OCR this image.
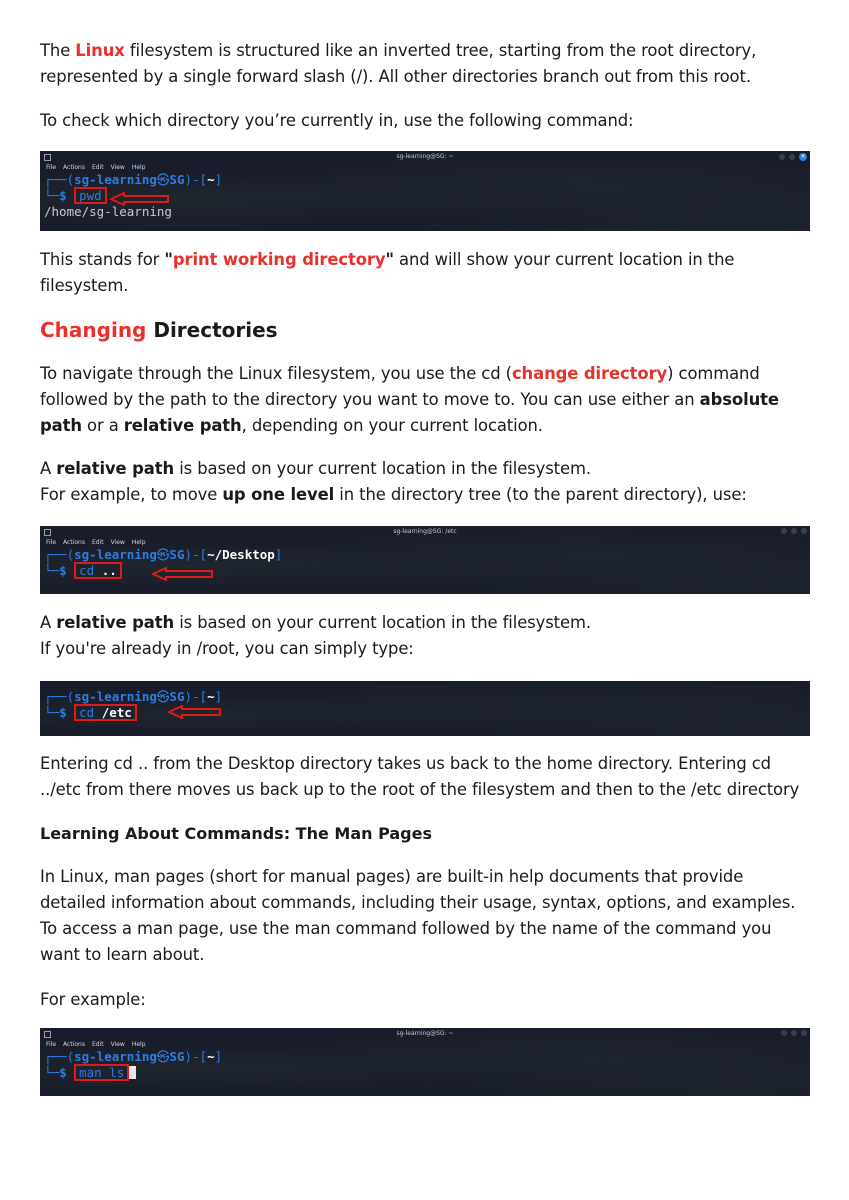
The Linux filesystem is structured like an inverted tree, starting from the root directory, represented by a single forward slash (/). All other directories branch out from this root.

To check which directory you’re currently in, use the following command:

sg-learning@SG: ~	✕
File Actions Edit View Help
┌──(sg-learning㉿SG)-[~]
└─$ pwd
/home/sg-learning

This stands for "print working directory" and will show your current location in the filesystem.

Changing Directories

To navigate through the Linux filesystem, you use the cd (change directory) command followed by the path to the directory you want to move to. You can use either an absolute path or a relative path, depending on your current location.

A relative path is based on your current location in the filesystem.
For example, to move up one level in the directory tree (to the parent directory), use:

sg-learning@SG: /etc
File Actions Edit View Help
┌──(sg-learning㉿SG)-[~/Desktop]
└─$ cd ..

A relative path is based on your current location in the filesystem.
If you're already in /root, you can simply type:

┌──(sg-learning㉿SG)-[~]
└─$ cd /etc

Entering cd .. from the Desktop directory takes us back to the home directory. Entering cd ../etc from there moves us back up to the root of the filesystem and then to the /etc directory

Learning About Commands: The Man Pages

In Linux, man pages (short for manual pages) are built-in help documents that provide detailed information about commands, including their usage, syntax, options, and examples. To access a man page, use the man command followed by the name of the command you want to learn about.

For example:

sg-learning@SG: ~
File Actions Edit View Help
┌──(sg-learning㉿SG)-[~]
└─$ man ls
